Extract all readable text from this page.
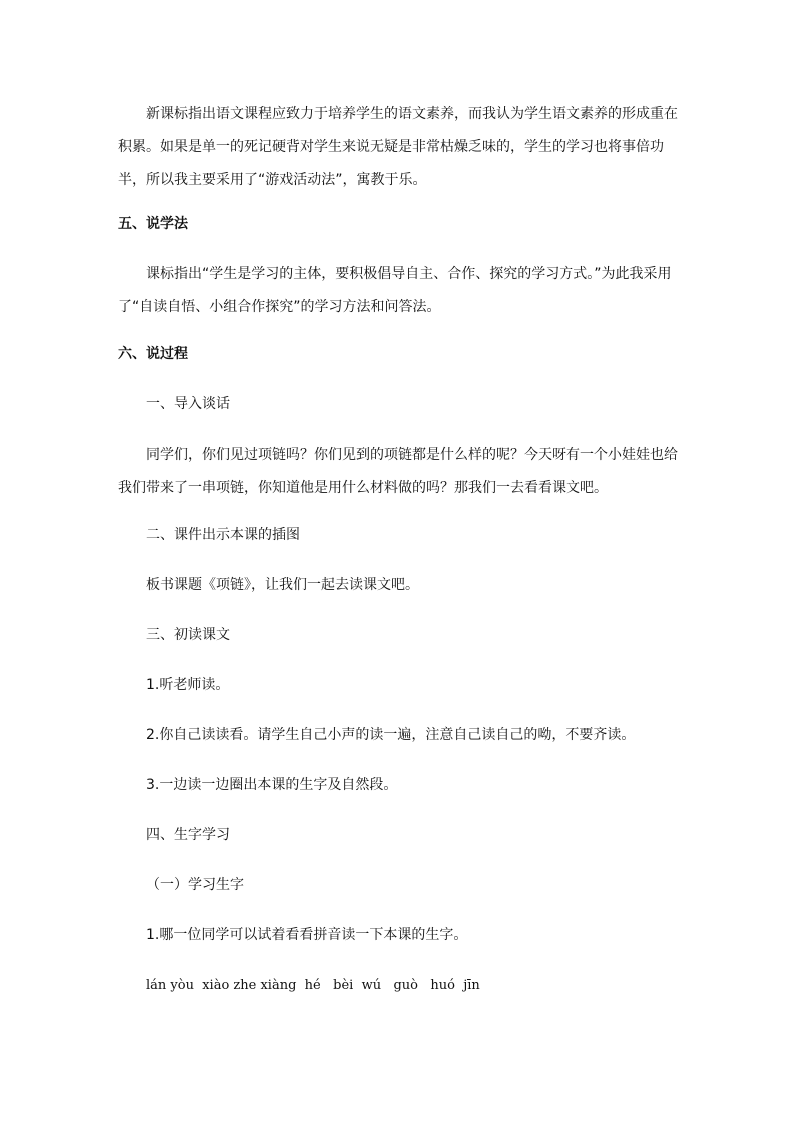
新课标指出语文课程应致力于培养学生的语文素养，而我认为学生语文素养的形成重在积累。如果是单一的死记硬背对学生来说无疑是非常枯燥乏味的，学生的学习也将事倍功半，所以我主要采用了“游戏活动法”，寓教于乐。
五、说学法
课标指出“学生是学习的主体，要积极倡导自主、合作、探究的学习方式。”为此我采用了“自读自悟、小组合作探究”的学习方法和问答法。
六、说过程
一、导入谈话
同学们，你们见过项链吗？你们见到的项链都是什么样的呢？今天呀有一个小娃娃也给我们带来了一串项链，你知道他是用什么材料做的吗？那我们一去看看课文吧。
二、课件出示本课的插图
板书课题《项链》，让我们一起去读课文吧。
三、初读课文
1.听老师读。
2.你自己读读看。请学生自己小声的读一遍，注意自己读自己的呦，不要齐读。
3.一边读一边圈出本课的生字及自然段。
四、生字学习
（一）学习生字
1.哪一位同学可以试着看看拼音读一下本课的生字。
lán yòu  xiào zhe xiàng  hé   bèi  wú   guò   huó  jīn
